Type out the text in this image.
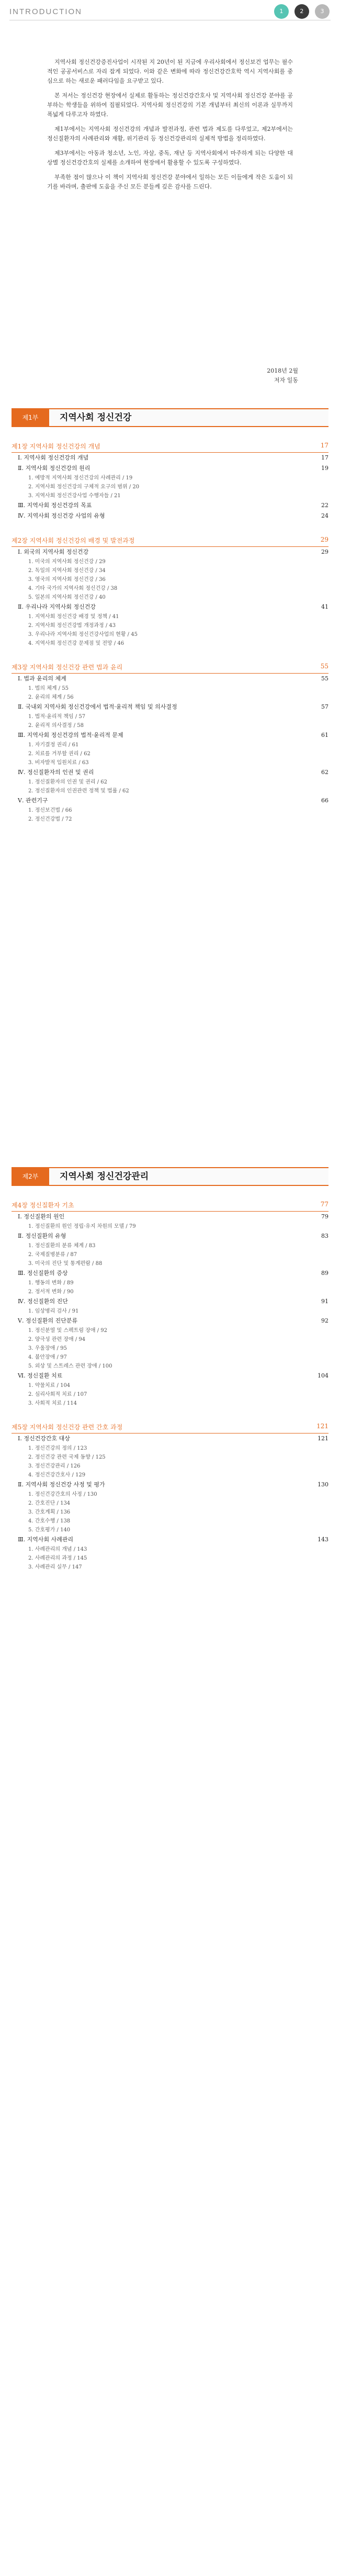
INTRODUCTION	1	2	3

지역사회 정신건강증진사업이 시작된 지 20년이 된 지금에 우리사회에서 정신보건 업무는 필수적인 공공서비스로 자리 잡게 되었다. 이와 같은 변화에 따라 정신건강간호학 역시 지역사회를 중심으로 하는 새로운 패러다임을 요구받고 있다.

본 저서는 정신건강 현장에서 실제로 활동하는 정신건강간호사 및 지역사회 정신건강 분야를 공부하는 학생들을 위하여 집필되었다. 지역사회 정신건강의 기본 개념부터 최신의 이론과 실무까지 폭넓게 다루고자 하였다.

제1부에서는 지역사회 정신건강의 개념과 발전과정, 관련 법과 제도를 다루었고, 제2부에서는 정신질환자의 사례관리와 재활, 위기관리 등 정신건강관리의 실제적 방법을 정리하였다.

제3부에서는 아동과 청소년, 노인, 자살, 중독, 재난 등 지역사회에서 마주하게 되는 다양한 대상별 정신건강간호의 실제를 소개하여 현장에서 활용할 수 있도록 구성하였다.

부족한 점이 많으나 이 책이 지역사회 정신건강 분야에서 일하는 모든 이들에게 작은 도움이 되기를 바라며, 출판에 도움을 주신 모든 분들께 깊은 감사를 드린다.

2018년 2월
저자 일동
제1부	지역사회 정신건강
제1장 지역사회 정신건강의 개념	17
Ⅰ. 지역사회 정신건강의 개념	17
Ⅱ. 지역사회 정신건강의 원리	19
1. 예방적 지역사회 정신건강의 사례관리 / 19
2. 지역사회 정신건강의 구체적 요구의 범위 / 20
3. 지역사회 정신건강사업 수행자들 / 21
Ⅲ. 지역사회 정신건강의 목표	22
Ⅳ. 지역사회 정신건강 사업의 유형	24
제2장 지역사회 정신건강의 배경 및 발전과정	29
Ⅰ. 외국의 지역사회 정신건강	29
1. 미국의 지역사회 정신건강 / 29
2. 독일의 지역사회 정신건강 / 34
3. 영국의 지역사회 정신건강 / 36
4. 기타 국가의 지역사회 정신건강 / 38
5. 일본의 지역사회 정신건강 / 40
Ⅱ. 우리나라 지역사회 정신건강	41
1. 지역사회 정신건강 배경 및 정책 / 41
2. 지역사회 정신건강법 개정과정 / 43
3. 우리나라 지역사회 정신건강사업의 현황 / 45
4. 지역사회 정신건강 문제점 및 전망 / 46
제3장 지역사회 정신건강 관련 법과 윤리	55
Ⅰ. 법과 윤리의 체계	55
1. 법의 체계 / 55
2. 윤리의 체계 / 56
Ⅱ. 국내외 지역사회 정신건강에서 법적·윤리적 책임 및 의사결정	57
1. 법적·윤리적 책임 / 57
2. 윤리적 의사결정 / 58
Ⅲ. 지역사회 정신건강의 법적·윤리적 문제	61
1. 자기결정 권리 / 61
2. 치료를 거부할 권리 / 62
3. 비자발적 입원치료 / 63
Ⅳ. 정신질환자의 인권 및 권리	62
1. 정신질환자의 인권 및 권리 / 62
2. 정신질환자의 인권관련 정책 및 법률 / 62
Ⅴ. 관련기구	66
1. 정신보건법 / 66
2. 정신건강법 / 72
제2부	지역사회 정신건강관리
제4장 정신질환자 기초	77
Ⅰ. 정신질환의 원인	79
1. 정신질환의 원인 정립·유지 차원의 모델 / 79
Ⅱ. 정신질환의 유형	83
1. 정신질환의 분류 체계 / 83
2. 국제질병분류 / 87
3. 미국의 진단 및 통계편람 / 88
Ⅲ. 정신질환의 증상	89
1. 행동의 변화 / 89
2. 정서적 변화 / 90
Ⅳ. 정신질환의 진단	91
1. 임상병리 검사 / 91
Ⅴ. 정신질환의 진단분류	92
1. 정신분열 및 스펙트럼 장애 / 92
2. 양극성 관련 장애 / 94
3. 우울장애 / 95
4. 불안장애 / 97
5. 외상 및 스트레스 관련 장애 / 100
Ⅵ. 정신질환 치료	104
1. 약물치료 / 104
2. 심리사회적 치료 / 107
3. 사회적 치료 / 114
제5장 지역사회 정신건강 관련 간호 과정	121
Ⅰ. 정신건강간호 대상	121
1. 정신건강의 정의 / 123
2. 정신건강 관련 국제 동향 / 125
3. 정신건강관리 / 126
4. 정신건강간호사 / 129
Ⅱ. 지역사회 정신건강 사정 및 평가	130
1. 정신건강간호의 사정 / 130
2. 간호진단 / 134
3. 간호계획 / 136
4. 간호수행 / 138
5. 간호평가 / 140
Ⅲ. 지역사회 사례관리	143
1. 사례관리의 개념 / 143
2. 사례관리의 과정 / 145
3. 사례관리 실무 / 147
